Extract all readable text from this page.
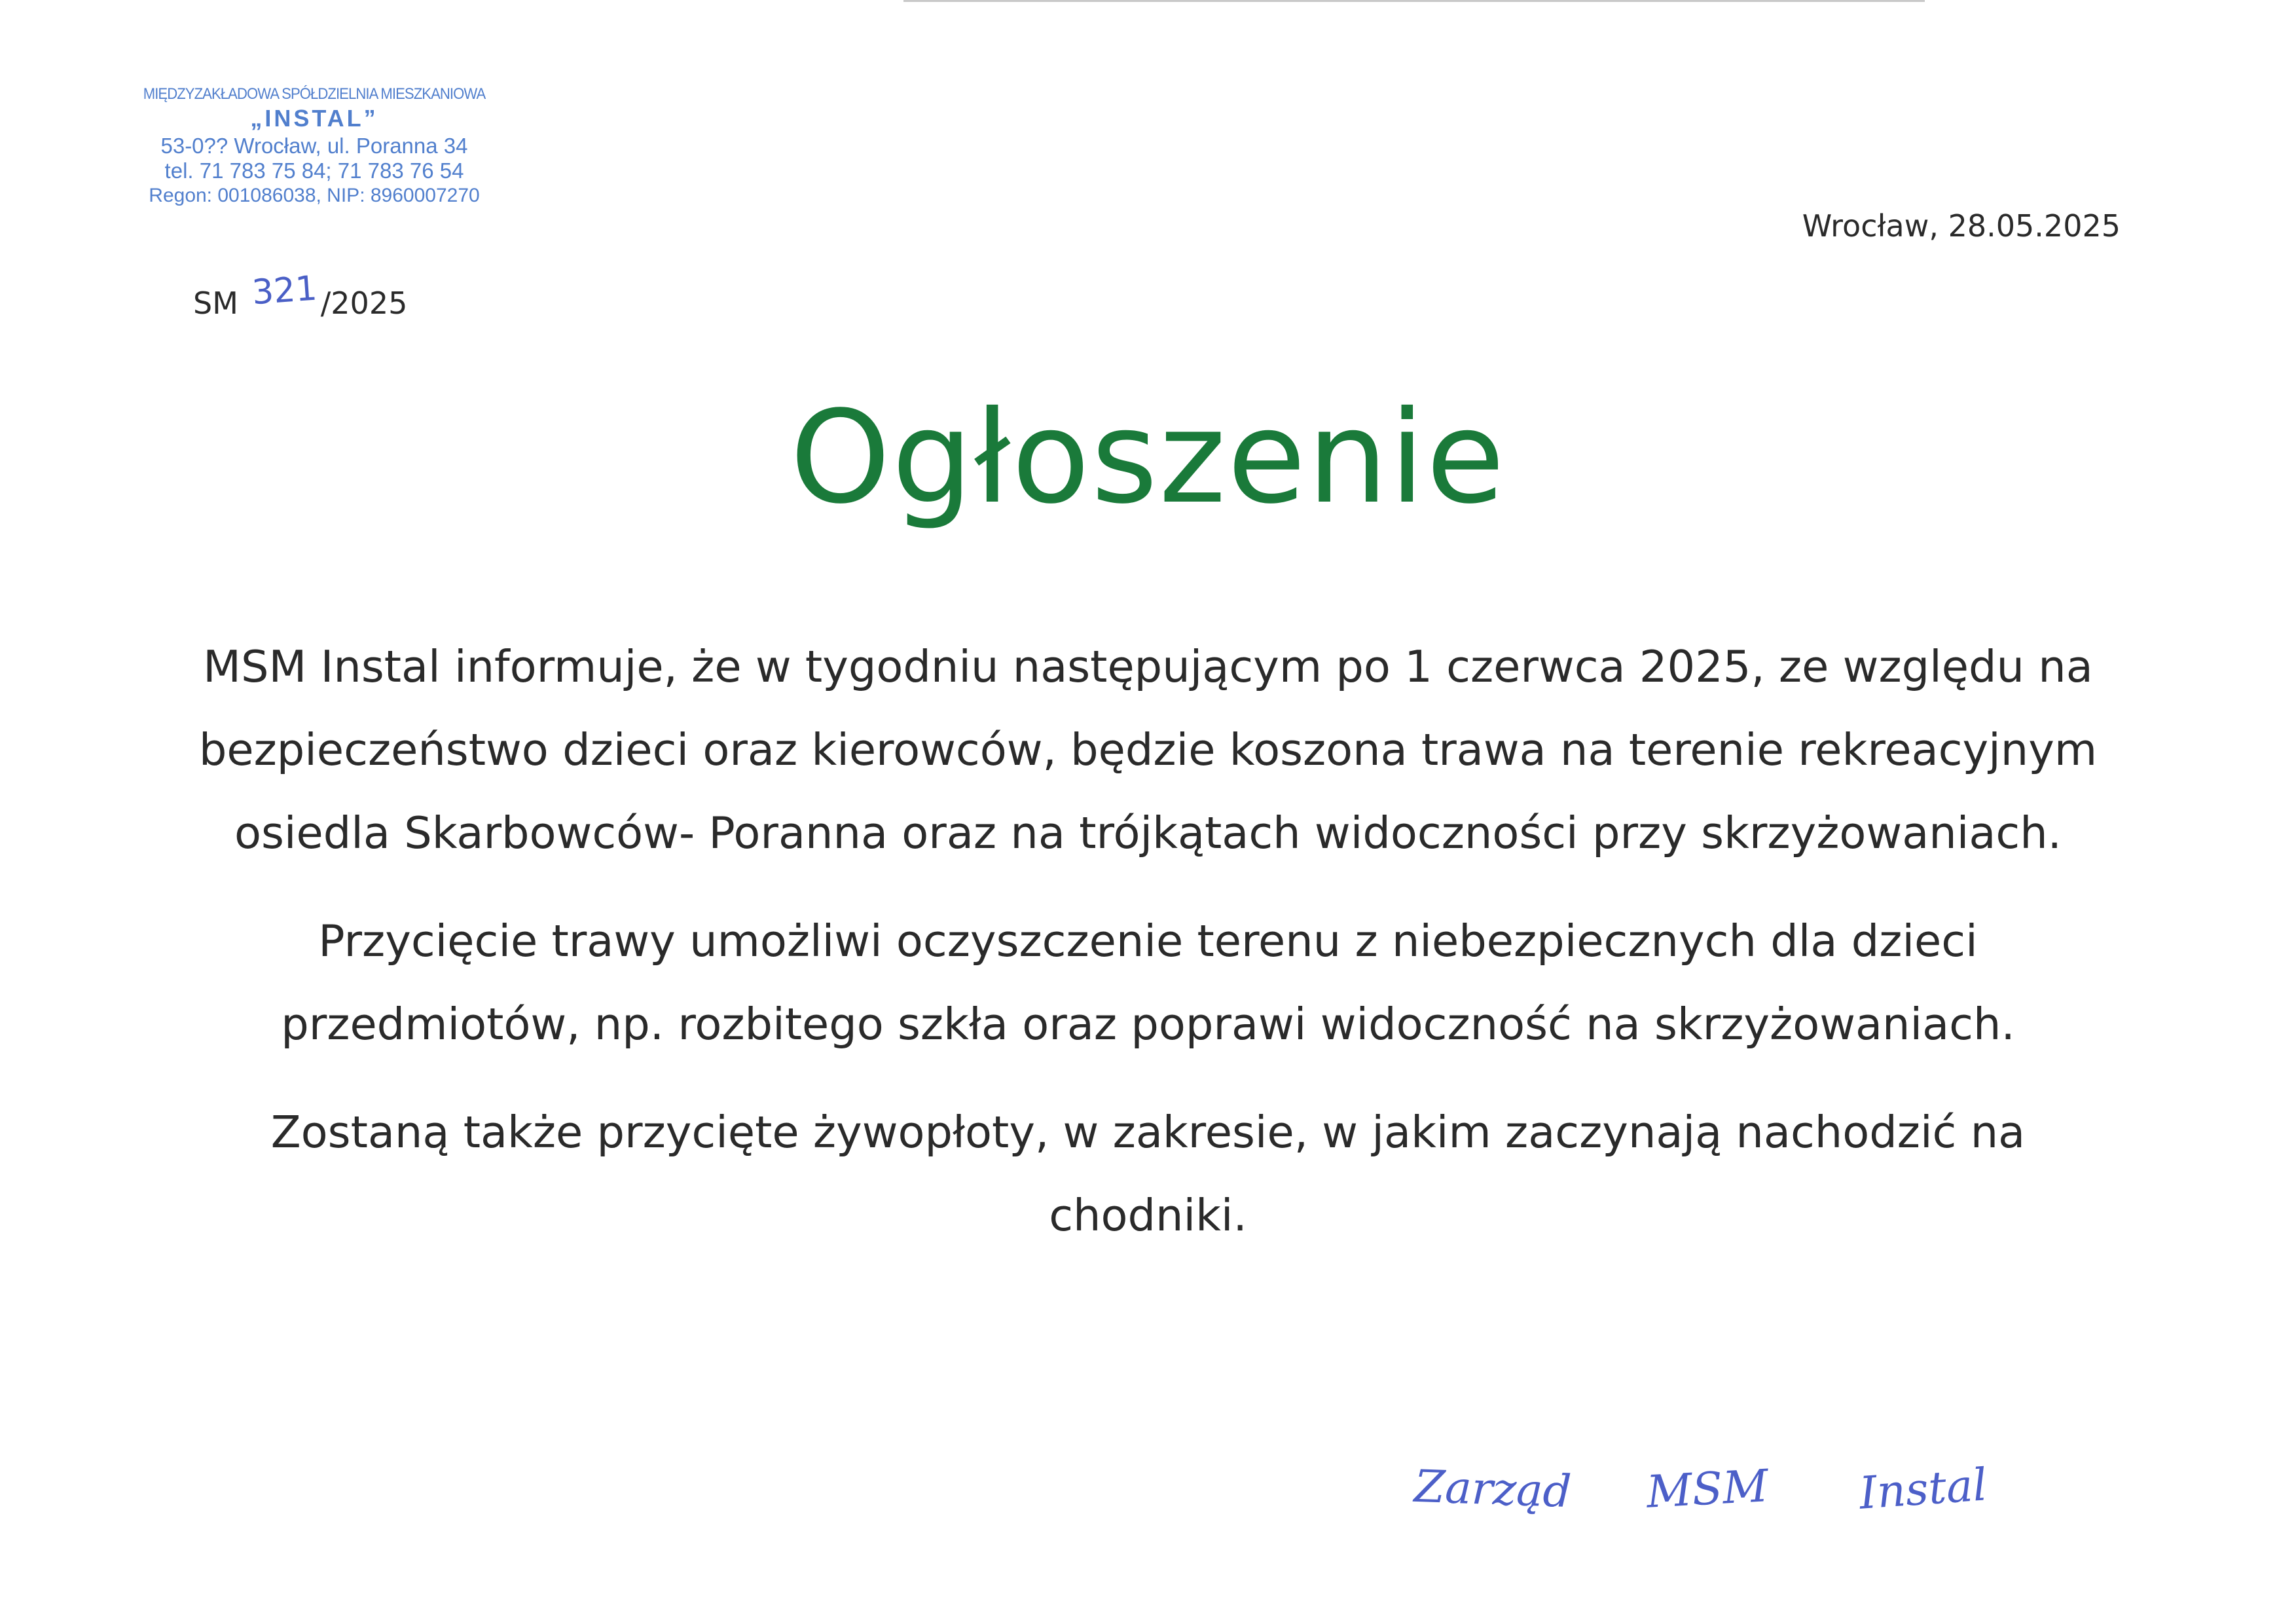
MIĘDZYZAKŁADOWA SPÓŁDZIELNIA MIESZKANIOWA
„INSTAL”
53-0?? Wrocław, ul. Poranna 34
tel. 71 783 75 84; 71 783 76 54
Regon: 001086038, NIP: 8960007270
Wrocław, 28.05.2025
SM 321/2025
Ogłoszenie

MSM Instal informuje, że w tygodniu następującym po 1 czerwca 2025, ze względu na bezpieczeństwo dzieci oraz kierowców, będzie koszona trawa na terenie rekreacyjnym osiedla Skarbowców- Poranna oraz na trójkątach widoczności przy skrzyżowaniach.

Przycięcie trawy umożliwi oczyszczenie terenu z niebezpiecznych dla dzieci przedmiotów, np. rozbitego szkła oraz poprawi widoczność na skrzyżowaniach.

Zostaną także przycięte żywopłoty, w zakresie, w jakim zaczynają nachodzić na chodniki.

Zarząd MSM Instal
